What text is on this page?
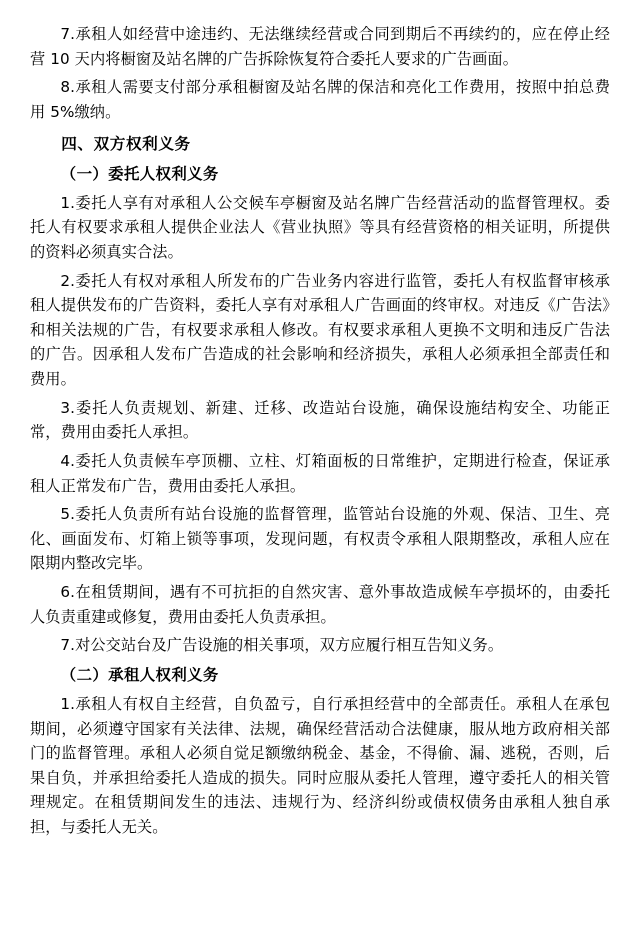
7.承租人如经营中途违约、无法继续经营或合同到期后不再续约的，应在停止经营 10 天内将橱窗及站名牌的广告拆除恢复符合委托人要求的广告画面。

8.承租人需要支付部分承租橱窗及站名牌的保洁和亮化工作费用，按照中拍总费用 5%缴纳。

四、双方权利义务

（一）委托人权利义务

1.委托人享有对承租人公交候车亭橱窗及站名牌广告经营活动的监督管理权。委托人有权要求承租人提供企业法人《营业执照》等具有经营资格的相关证明，所提供的资料必须真实合法。

2.委托人有权对承租人所发布的广告业务内容进行监管，委托人有权监督审核承租人提供发布的广告资料，委托人享有对承租人广告画面的终审权。对违反《广告法》和相关法规的广告，有权要求承租人修改。有权要求承租人更换不文明和违反广告法的广告。因承租人发布广告造成的社会影响和经济损失，承租人必须承担全部责任和费用。

3.委托人负责规划、新建、迁移、改造站台设施，确保设施结构安全、功能正常，费用由委托人承担。

4.委托人负责候车亭顶棚、立柱、灯箱面板的日常维护，定期进行检查，保证承租人正常发布广告，费用由委托人承担。

5.委托人负责所有站台设施的监督管理，监管站台设施的外观、保洁、卫生、亮化、画面发布、灯箱上锁等事项，发现问题，有权责令承租人限期整改，承租人应在限期内整改完毕。

6.在租赁期间，遇有不可抗拒的自然灾害、意外事故造成候车亭损坏的，由委托人负责重建或修复，费用由委托人负责承担。

7.对公交站台及广告设施的相关事项，双方应履行相互告知义务。

（二）承租人权利义务

1.承租人有权自主经营，自负盈亏，自行承担经营中的全部责任。承租人在承包期间，必须遵守国家有关法律、法规，确保经营活动合法健康，服从地方政府相关部门的监督管理。承租人必须自觉足额缴纳税金、基金，不得偷、漏、逃税，否则，后果自负，并承担给委托人造成的损失。同时应服从委托人管理，遵守委托人的相关管理规定。在租赁期间发生的违法、违规行为、经济纠纷或债权债务由承租人独自承担，与委托人无关。
